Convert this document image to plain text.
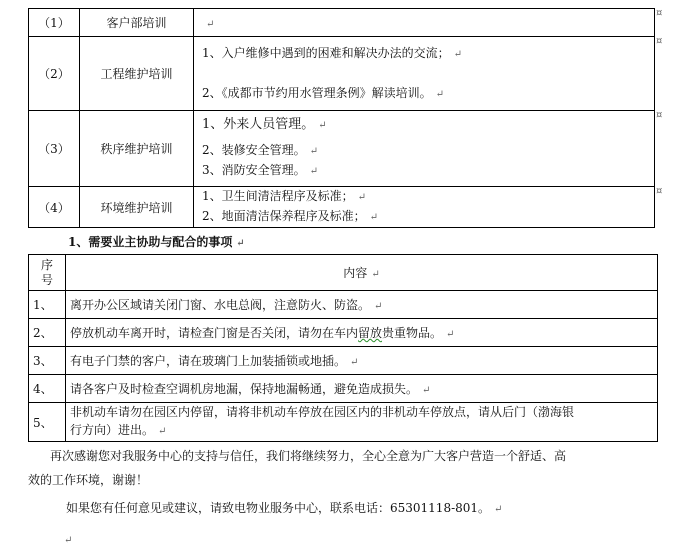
（1）	客户部培训	↵
（2）	工程维护培训	1、入户维修中遇到的困难和解决办法的交流； ↵
2、《成都市节约用水管理条例》解读培训。 ↵

（3）	秩序维护培训	1、外来人员管理。 ↵
2、装修安全管理。 ↵
3、消防安全管理。 ↵

（4）	环境维护培训	1、卫生间清洁程序及标准； ↵
2、地面清洁保养程序及标准； ↵
¤
¤
¤
¤
1、需要业主协助与配合的事项 ↵
序
号	内容 ↵
1、	离开办公区域请关闭门窗、水电总阀，注意防火、防盗。 ↵
2、	停放机动车离开时，请检查门窗是否关闭，请勿在车内留放贵重物品。 ↵
3、	有电子门禁的客户，请在玻璃门上加装插锁或地插。 ↵
4、	请各客户及时检查空调机房地漏，保持地漏畅通，避免造成损失。 ↵
5、	非机动车请勿在园区内停留，请将非机动车停放在园区内的非机动车停放点，请从后门（渤海银
行方向）进出。 ↵
再次感谢您对我服务中心的支持与信任，我们将继续努力，全心全意为广大客户营造一个舒适、高
效的工作环境，谢谢！
如果您有任何意见或建议，请致电物业服务中心，联系电话：65301118-801。 ↵
↵
